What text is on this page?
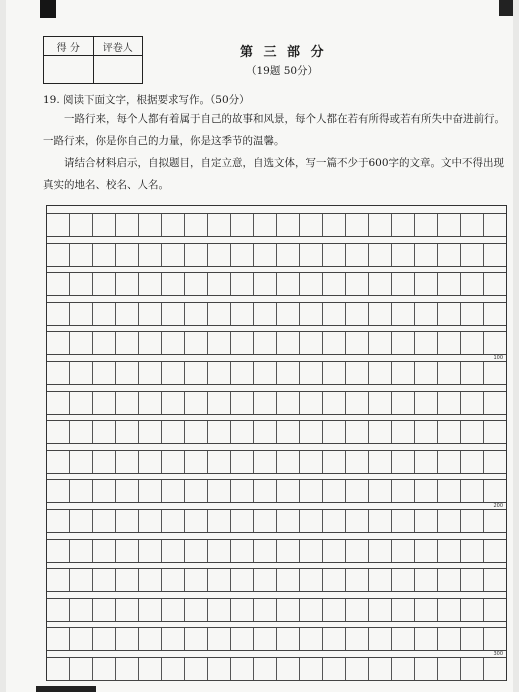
得 分	评卷人
		第 三 部 分
（19题 50分）
19. 阅读下面文字，根据要求写作。（50分）
一路行来，每个人都有着属于自己的故事和风景，每个人都在若有所得或若有所失中奋进前行。一路行来，你是你自己的力量，你是这季节的温馨。
请结合材料启示，自拟题目，自定立意，自选文体，写一篇不少于600字的文章。文中不得出现真实的地名、校名、人名。
100
200
300
